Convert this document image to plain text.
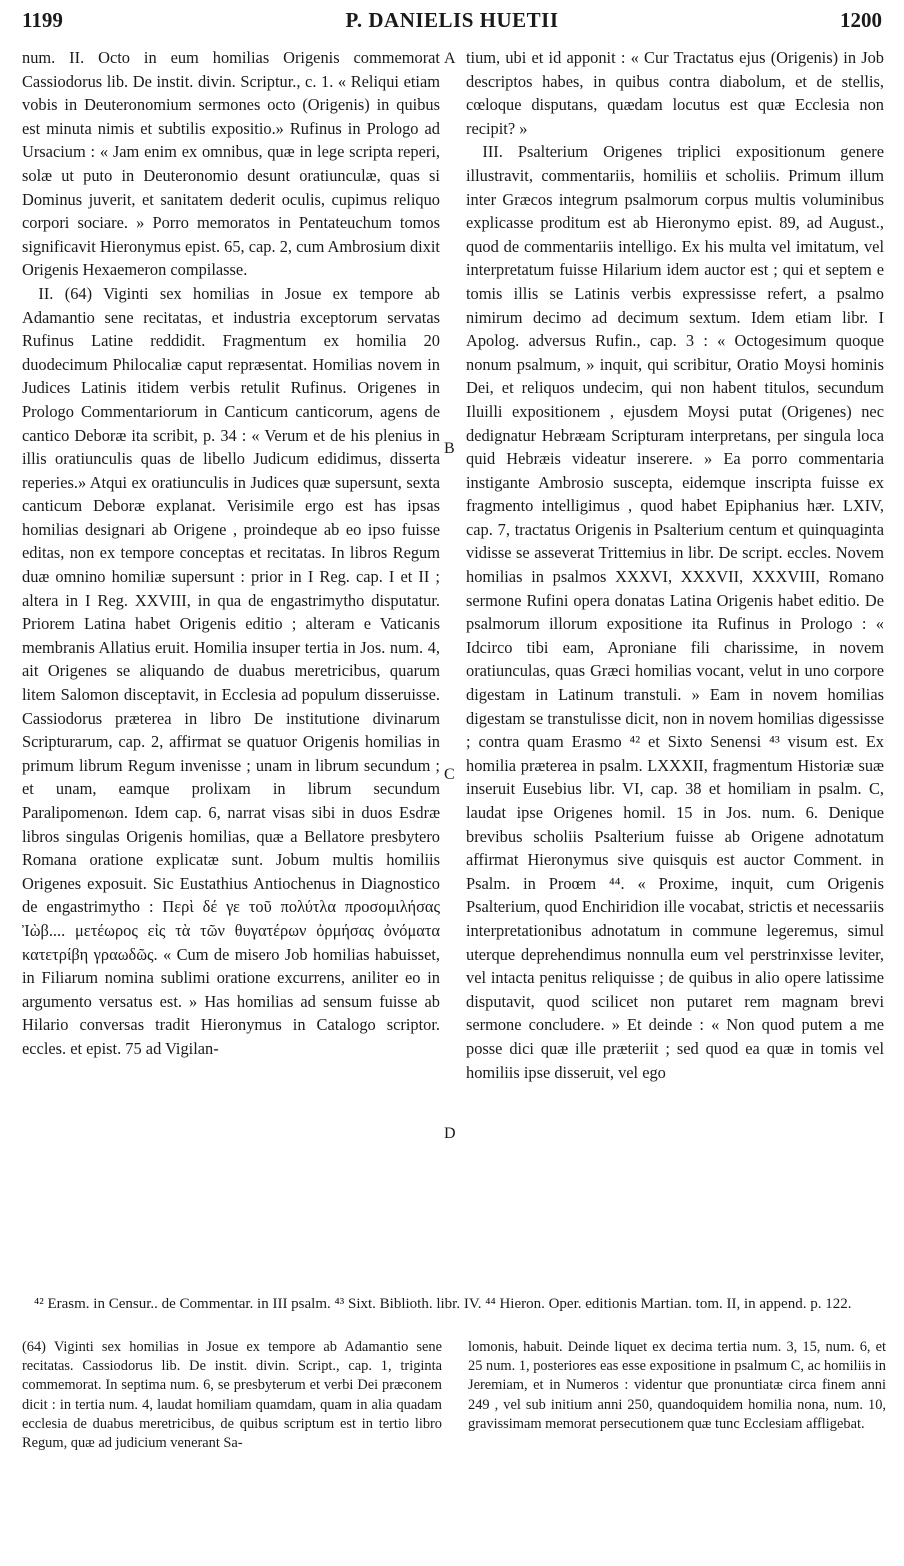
1199	P. DANIELIS HUETII	1200

num. II. Octo in eum homilias Origenis commemorat Cassiodorus lib. De instit. divin. Scriptur., c. 1. « Reliqui etiam vobis in Deuteronomium sermones octo (Origenis) in quibus est minuta nimis et subtilis expositio.» Rufinus in Prologo ad Ursacium : « Jam enim ex omnibus, quæ in lege scripta reperi, solæ ut puto in Deuteronomio desunt oratiunculæ, quas si Dominus juverit, et sanitatem dederit oculis, cupimus reliquo corpori sociare. » Porro memoratos in Pentateuchum tomos significavit Hieronymus epist. 65, cap. 2, cum Ambrosium dixit Origenis Hexaemeron compilasse.

II. (64) Viginti sex homilias in Josue ex tempore ab Adamantio sene recitatas, et industria exceptorum servatas Rufinus Latine reddidit. Fragmentum ex homilia 20 duodecimum Philocaliæ caput repræsentat. Homilias novem in Judices Latinis itidem verbis retulit Rufinus. Origenes in Prologo Commentariorum in Canticum canticorum, agens de cantico Deboræ ita scribit, p. 34 : « Verum et de his plenius in illis oratiunculis quas de libello Judicum edidimus, disserta reperies.» Atqui ex oratiunculis in Judices quæ supersunt, sexta canticum Deboræ explanat. Verisimile ergo est has ipsas homilias designari ab Origene , proindeque ab eo ipso fuisse editas, non ex tempore conceptas et recitatas. In libros Regum duæ omnino homiliæ supersunt : prior in I Reg. cap. I et II ; altera in I Reg. XXVIII, in qua de engastrimytho disputatur. Priorem Latina habet Origenis editio ; alteram e Vaticanis membranis Allatius eruit. Homilia insuper tertia in Jos. num. 4, ait Origenes se aliquando de duabus meretricibus, quarum litem Salomon disceptavit, in Ecclesia ad populum disseruisse. Cassiodorus præterea in libro De institutione divinarum Scripturarum, cap. 2, affirmat se quatuor Origenis homilias in primum librum Regum invenisse ; unam in librum secundum ; et unam, eamque prolixam in librum secundum Paralipomenωn. Idem cap. 6, narrat visas sibi in duos Esdræ libros singulas Origenis homilias, quæ a Bellatore presbytero Romana oratione explicatæ sunt. Jobum multis homiliis Origenes exposuit. Sic Eustathius Antiochenus in Diagnostico de engastrimytho : Περὶ δέ γε τοῦ πολύτλα προσομιλήσας Ἰὼβ.... μετέωρος εἰς τὰ τῶν θυγατέρων ὀρμήσας ὀνόματα κατετρίβη γραωδῶς. « Cum de misero Job homilias habuisset, in Filiarum nomina sublimi oratione excurrens, aniliter eo in argumento versatus est. » Has homilias ad sensum fuisse ab Hilario conversas tradit Hieronymus in Catalogo scriptor. eccles. et epist. 75 ad Vigilan-

A
B
C
D

tium, ubi et id apponit : « Cur Tractatus ejus (Origenis) in Job descriptos habes, in quibus contra diabolum, et de stellis, cœloque disputans, quædam locutus est quæ Ecclesia non recipit? »

III. Psalterium Origenes triplici expositionum genere illustravit, commentariis, homiliis et scholiis. Primum illum inter Græcos integrum psalmorum corpus multis voluminibus explicasse proditum est ab Hieronymo epist. 89, ad August., quod de commentariis intelligo. Ex his multa vel imitatum, vel interpretatum fuisse Hilarium idem auctor est ; qui et septem e tomis illis se Latinis verbis expressisse refert, a psalmo nimirum decimo ad decimum sextum. Idem etiam libr. I Apolog. adversus Rufin., cap. 3 : « Octogesimum quoque nonum psalmum, » inquit, qui scribitur, Oratio Moysi hominis Dei, et reliquos undecim, qui non habent titulos, secundum Iluilli expositionem , ejusdem Moysi putat (Origenes) nec dedignatur Hebræam Scripturam interpretans, per singula loca quid Hebræis videatur inserere. » Ea porro commentaria instigante Ambrosio suscepta, eidemque inscripta fuisse ex fragmento intelligimus , quod habet Epiphanius hær. LXIV, cap. 7, tractatus Origenis in Psalterium centum et quinquaginta vidisse se asseverat Trittemius in libr. De script. eccles. Novem homilias in psalmos XXXVI, XXXVII, XXXVIII, Romano sermone Rufini opera donatas Latina Origenis habet editio. De psalmorum illorum expositione ita Rufinus in Prologo : « Idcirco tibi eam, Aproniane fili charissime, in novem oratiunculas, quas Græci homilias vocant, velut in uno corpore digestam in Latinum transtuli. » Eam in novem homilias digestam se transtulisse dicit, non in novem homilias digessisse ; contra quam Erasmo ⁴² et Sixto Senensi ⁴³ visum est. Ex homilia præterea in psalm. LXXXII, fragmentum Historiæ suæ inseruit Eusebius libr. VI, cap. 38 et homiliam in psalm. C, laudat ipse Origenes homil. 15 in Jos. num. 6. Denique brevibus scholiis Psalterium fuisse ab Origene adnotatum affirmat Hieronymus sive quisquis est auctor Comment. in Psalm. in Proœm ⁴⁴. « Proxime, inquit, cum Origenis Psalterium, quod Enchiridion ille vocabat, strictis et necessariis interpretationibus adnotatum in commune legeremus, simul uterque deprehendimus nonnulla eum vel perstrinxisse leviter, vel intacta penitus reliquisse ; de quibus in alio opere latissime disputavit, quod scilicet non putaret rem magnam brevi sermone concludere. » Et deinde : « Non quod putem a me posse dici quæ ille præteriit ; sed quod ea quæ in tomis vel homiliis ipse disseruit, vel ego

⁴² Erasm. in Censur.. de Commentar. in III psalm. ⁴³ Sixt. Biblioth. libr. IV. ⁴⁴ Hieron. Oper. editionis Martian. tom. II, in append. p. 122.

(64) Viginti sex homilias in Josue ex tempore ab Adamantio sene recitatas. Cassiodorus lib. De instit. divin. Script., cap. 1, triginta commemorat. In septima num. 6, se presbyterum et verbi Dei præconem dicit : in tertia num. 4, laudat homiliam quamdam, quam in alia quadam ecclesia de duabus meretricibus, de quibus scriptum est in tertio libro Regum, quæ ad judicium venerant Sa-

lomonis, habuit. Deinde liquet ex decima tertia num. 3, 15, num. 6, et 25 num. 1, posteriores eas esse expositione in psalmum C, ac homiliis in Jeremiam, et in Numeros : videntur que pronuntiatæ circa finem anni 249 , vel sub initium anni 250, quandoquidem homilia nona, num. 10, gravissimam memorat persecutionem quæ tunc Ecclesiam affligebat.
